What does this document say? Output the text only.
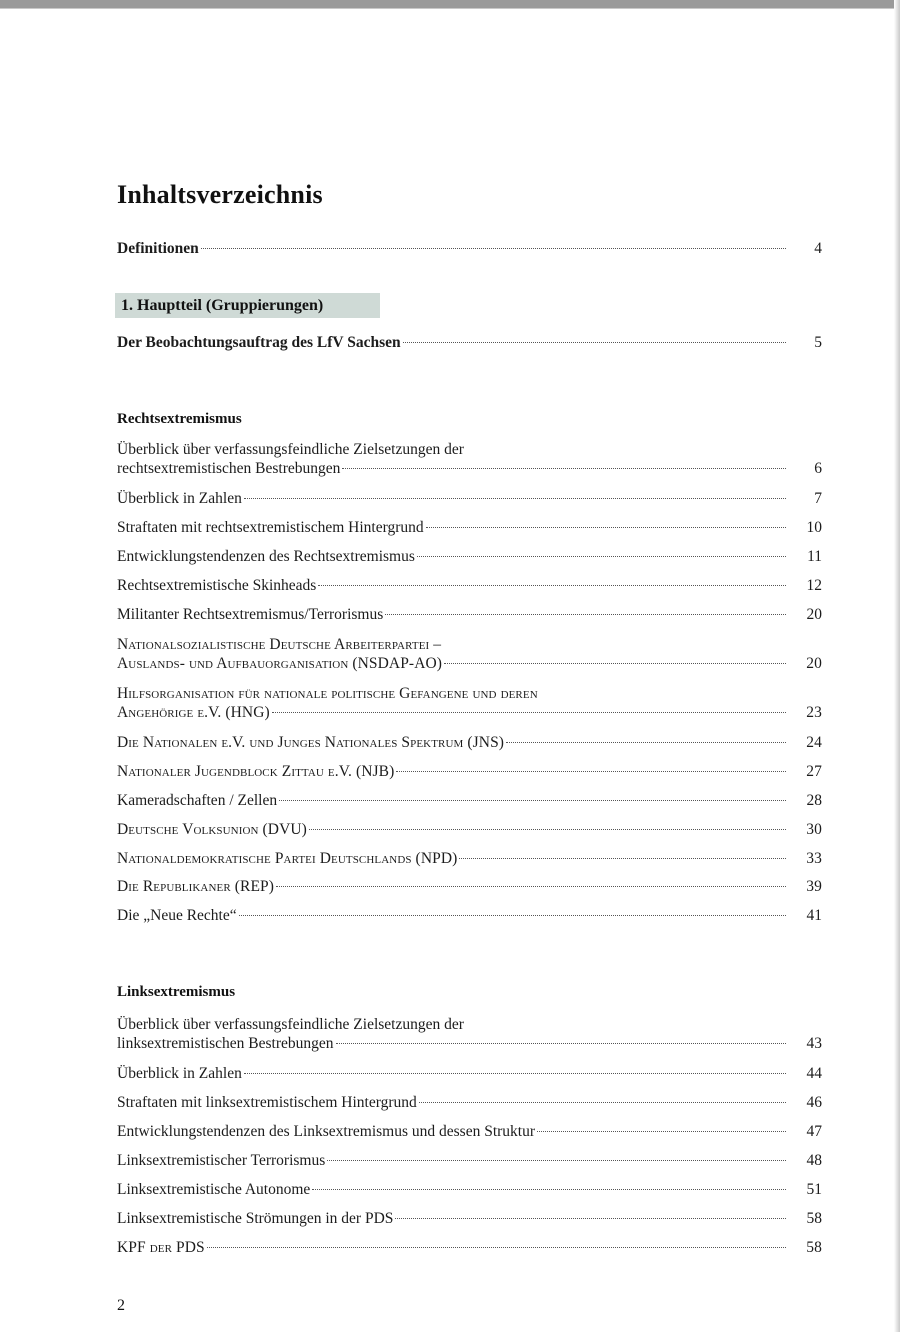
Inhaltsverzeichnis
Definitionen	4
1. Hauptteil (Gruppierungen)
Der Beobachtungsauftrag des LfV Sachsen	5
Rechtsextremismus
Überblick über verfassungsfeindliche Zielsetzungen der
rechtsextremistischen Bestrebungen	6
Überblick in Zahlen	7
Straftaten mit rechtsextremistischem Hintergrund	10
Entwicklungstendenzen des Rechtsextremismus	11
Rechtsextremistische Skinheads	12
Militanter Rechtsextremismus/Terrorismus	20
Nationalsozialistische Deutsche Arbeiterpartei –
Auslands- und Aufbauorganisation (NSDAP-AO)	20
Hilfsorganisation für nationale politische Gefangene und deren
Angehörige e.V. (HNG)	23
Die Nationalen e.V. und Junges Nationales Spektrum (JNS)	24
Nationaler Jugendblock Zittau e.V. (NJB)	27
Kameradschaften / Zellen	28
Deutsche Volksunion (DVU)	30
Nationaldemokratische Partei Deutschlands (NPD)	33
Die Republikaner (REP)	39
Die „Neue Rechte“	41
Linksextremismus
Überblick über verfassungsfeindliche Zielsetzungen der
linksextremistischen Bestrebungen	43
Überblick in Zahlen	44
Straftaten mit linksextremistischem Hintergrund	46
Entwicklungstendenzen des Linksextremismus und dessen Struktur	47
Linksextremistischer Terrorismus	48
Linksextremistische Autonome	51
Linksextremistische Strömungen in der PDS	58
KPF der PDS	58
2
